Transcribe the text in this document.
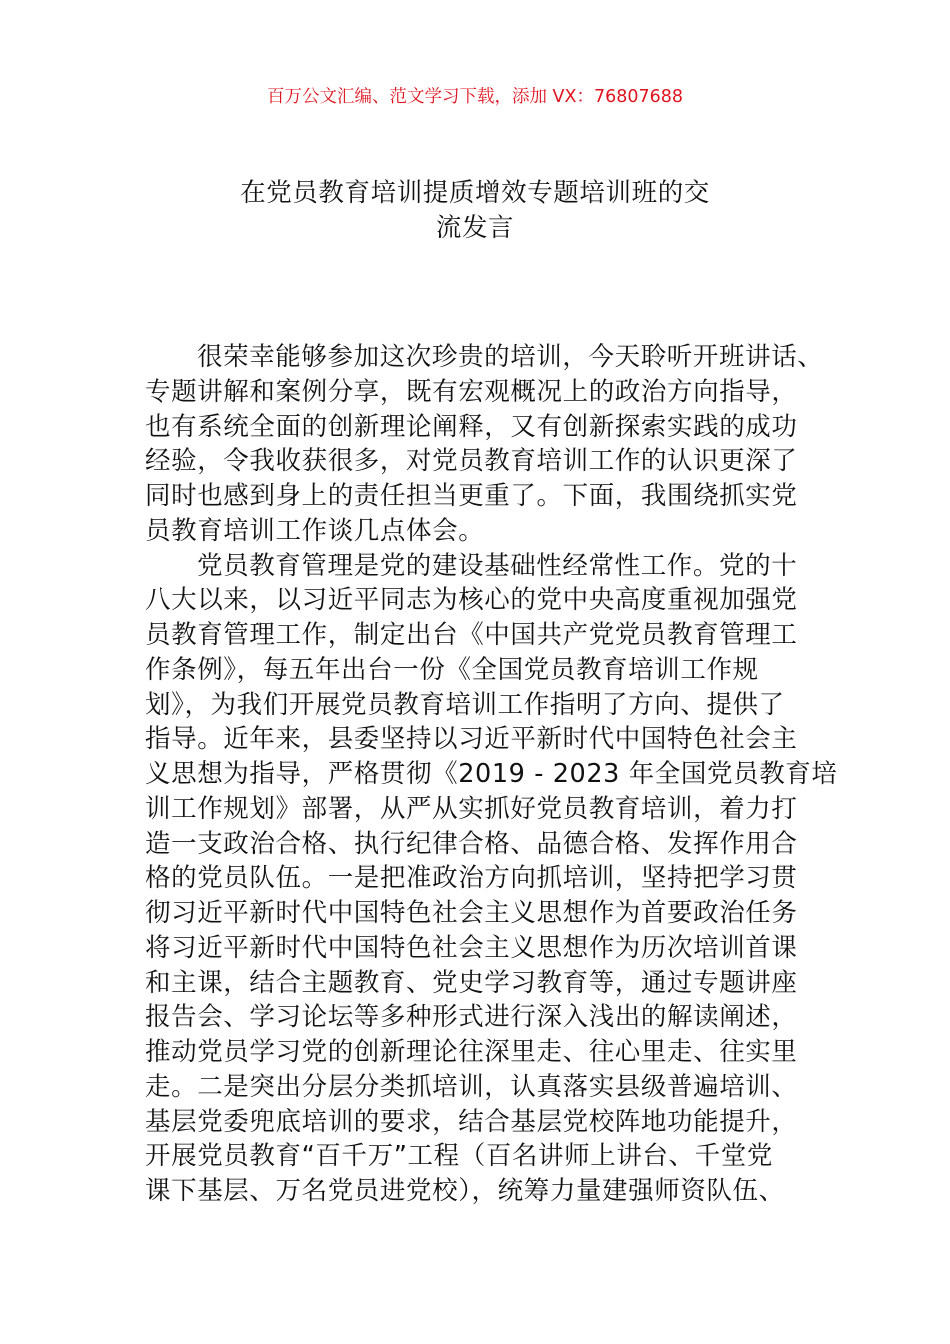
百万公文汇编、范文学习下载，添加 VX：76807688
在党员教育培训提质增效专题培训班的交
流发言
很荣幸能够参加这次珍贵的培训，今天聆听开班讲话、
专题讲解和案例分享，既有宏观概况上的政治方向指导，
也有系统全面的创新理论阐释，又有创新探索实践的成功
经验，令我收获很多，对党员教育培训工作的认识更深了
同时也感到身上的责任担当更重了。下面，我围绕抓实党
员教育培训工作谈几点体会。
党员教育管理是党的建设基础性经常性工作。党的十
八大以来，以习近平同志为核心的党中央高度重视加强党
员教育管理工作，制定出台《中国共产党党员教育管理工
作条例》，每五年出台一份《全国党员教育培训工作规
划》，为我们开展党员教育培训工作指明了方向、提供了
指导。近年来，县委坚持以习近平新时代中国特色社会主
义思想为指导，严格贯彻《2019 - 2023 年全国党员教育培
训工作规划》部署，从严从实抓好党员教育培训，着力打
造一支政治合格、执行纪律合格、品德合格、发挥作用合
格的党员队伍。一是把准政治方向抓培训，坚持把学习贯
彻习近平新时代中国特色社会主义思想作为首要政治任务
将习近平新时代中国特色社会主义思想作为历次培训首课
和主课，结合主题教育、党史学习教育等，通过专题讲座
报告会、学习论坛等多种形式进行深入浅出的解读阐述，
推动党员学习党的创新理论往深里走、往心里走、往实里
走。二是突出分层分类抓培训，认真落实县级普遍培训、
基层党委兜底培训的要求，结合基层党校阵地功能提升，
开展党员教育“百千万”工程（百名讲师上讲台、千堂党
课下基层、万名党员进党校），统筹力量建强师资队伍、
